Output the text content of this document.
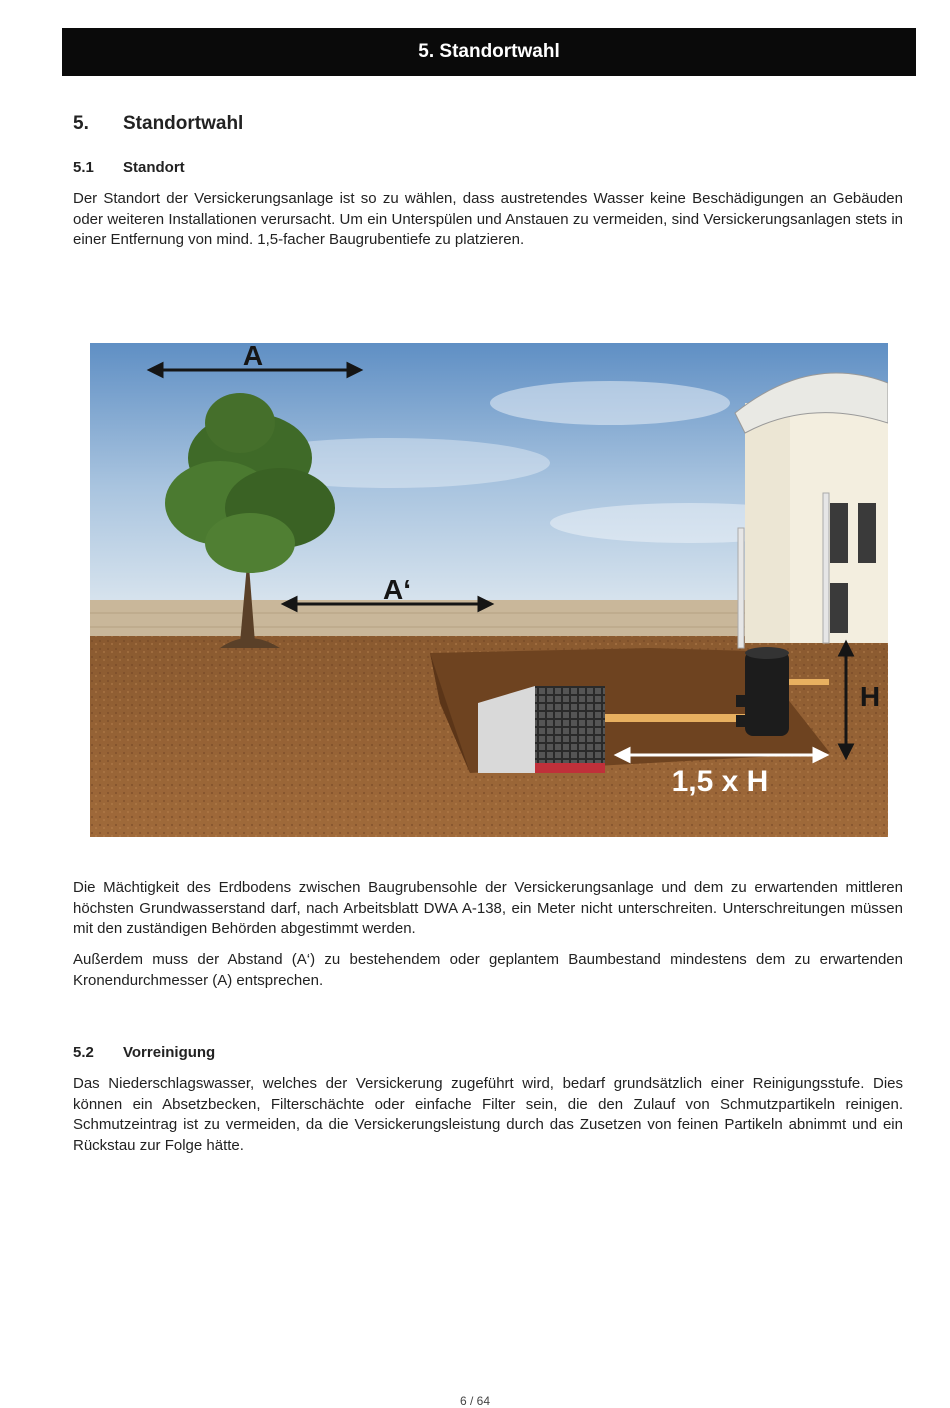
5. Standortwahl
5. Standortwahl
5.1 Standort

Der Standort der Versickerungsanlage ist so zu wählen, dass austretendes Wasser keine Beschädigungen an Gebäuden oder weiteren Installationen verursacht. Um ein Unterspülen und Anstauen zu vermeiden, sind Versickerungsanlagen stets in einer Entfernung von mind. 1,5-facher Baugrubentiefe zu platzieren.

A
A‘
H
1,5 x H

Die Mächtigkeit des Erdbodens zwischen Baugrubensohle der Versickerungsanlage und dem zu erwartenden mittleren höchsten Grundwasserstand darf, nach Arbeitsblatt DWA A-138, ein Meter nicht unterschreiten. Unterschreitungen müssen mit den zuständigen Behörden abgestimmt werden.

Außerdem muss der Abstand (A‘) zu bestehendem oder geplantem Baumbestand mindestens dem zu erwartenden Kronendurchmesser (A) entsprechen.

5.2 Vorreinigung

Das Niederschlagswasser, welches der Versickerung zugeführt wird, bedarf grundsätzlich einer Reinigungsstufe. Dies können ein Absetzbecken, Filterschächte oder einfache Filter sein, die den Zulauf von Schmutzpartikeln reinigen. Schmutzeintrag ist zu vermeiden, da die Versickerungsleistung durch das Zusetzen von feinen Partikeln abnimmt und ein Rückstau zur Folge hätte.

6 / 64
